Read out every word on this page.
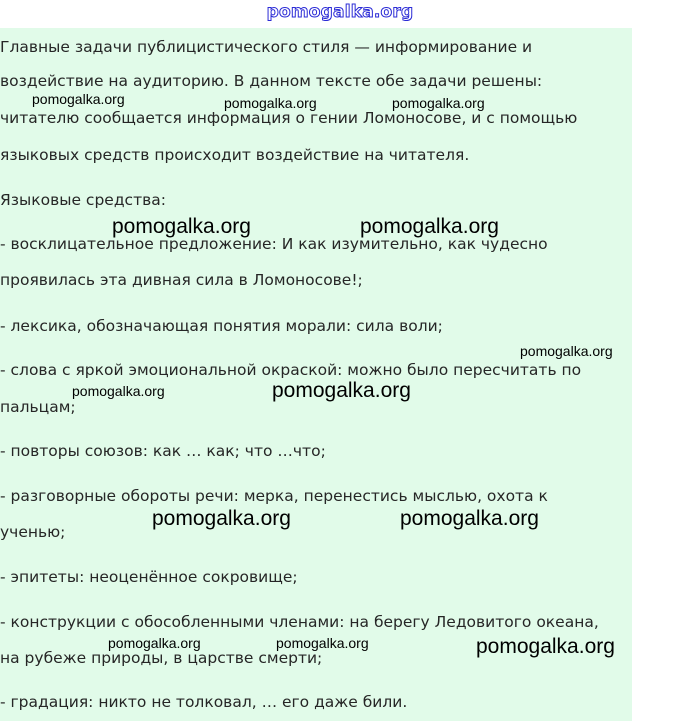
pomogalka.org

Главные задачи публицистического стиля — информирование и

воздействие на аудиторию. В данном тексте обе задачи решены:

читателю сообщается информация о гении Ломоносове, и с помощью

языковых средств происходит воздействие на читателя.

Языковые средства:

- восклицательное предложение: И как изумительно, как чудесно

проявилась эта дивная сила в Ломоносове!;

- лексика, обозначающая понятия морали: сила воли;

- слова с яркой эмоциональной окраской: можно было пересчитать по

пальцам;

- повторы союзов: как … как; что …что;

- разговорные обороты речи: мерка, перенестись мыслью, охота к

ученью;

- эпитеты: неоценённое сокровище;

- конструкции с обособленными членами: на берегу Ледовитого океана,

на рубеже природы, в царстве смерти;

- градация: никто не толковал, … его даже били.

pomogalka.org	pomogalka.org	pomogalka.org
pomogalka.org	pomogalka.org
pomogalka.org
pomogalka.org	pomogalka.org
pomogalka.org	pomogalka.org
pomogalka.org	pomogalka.org	pomogalka.org
